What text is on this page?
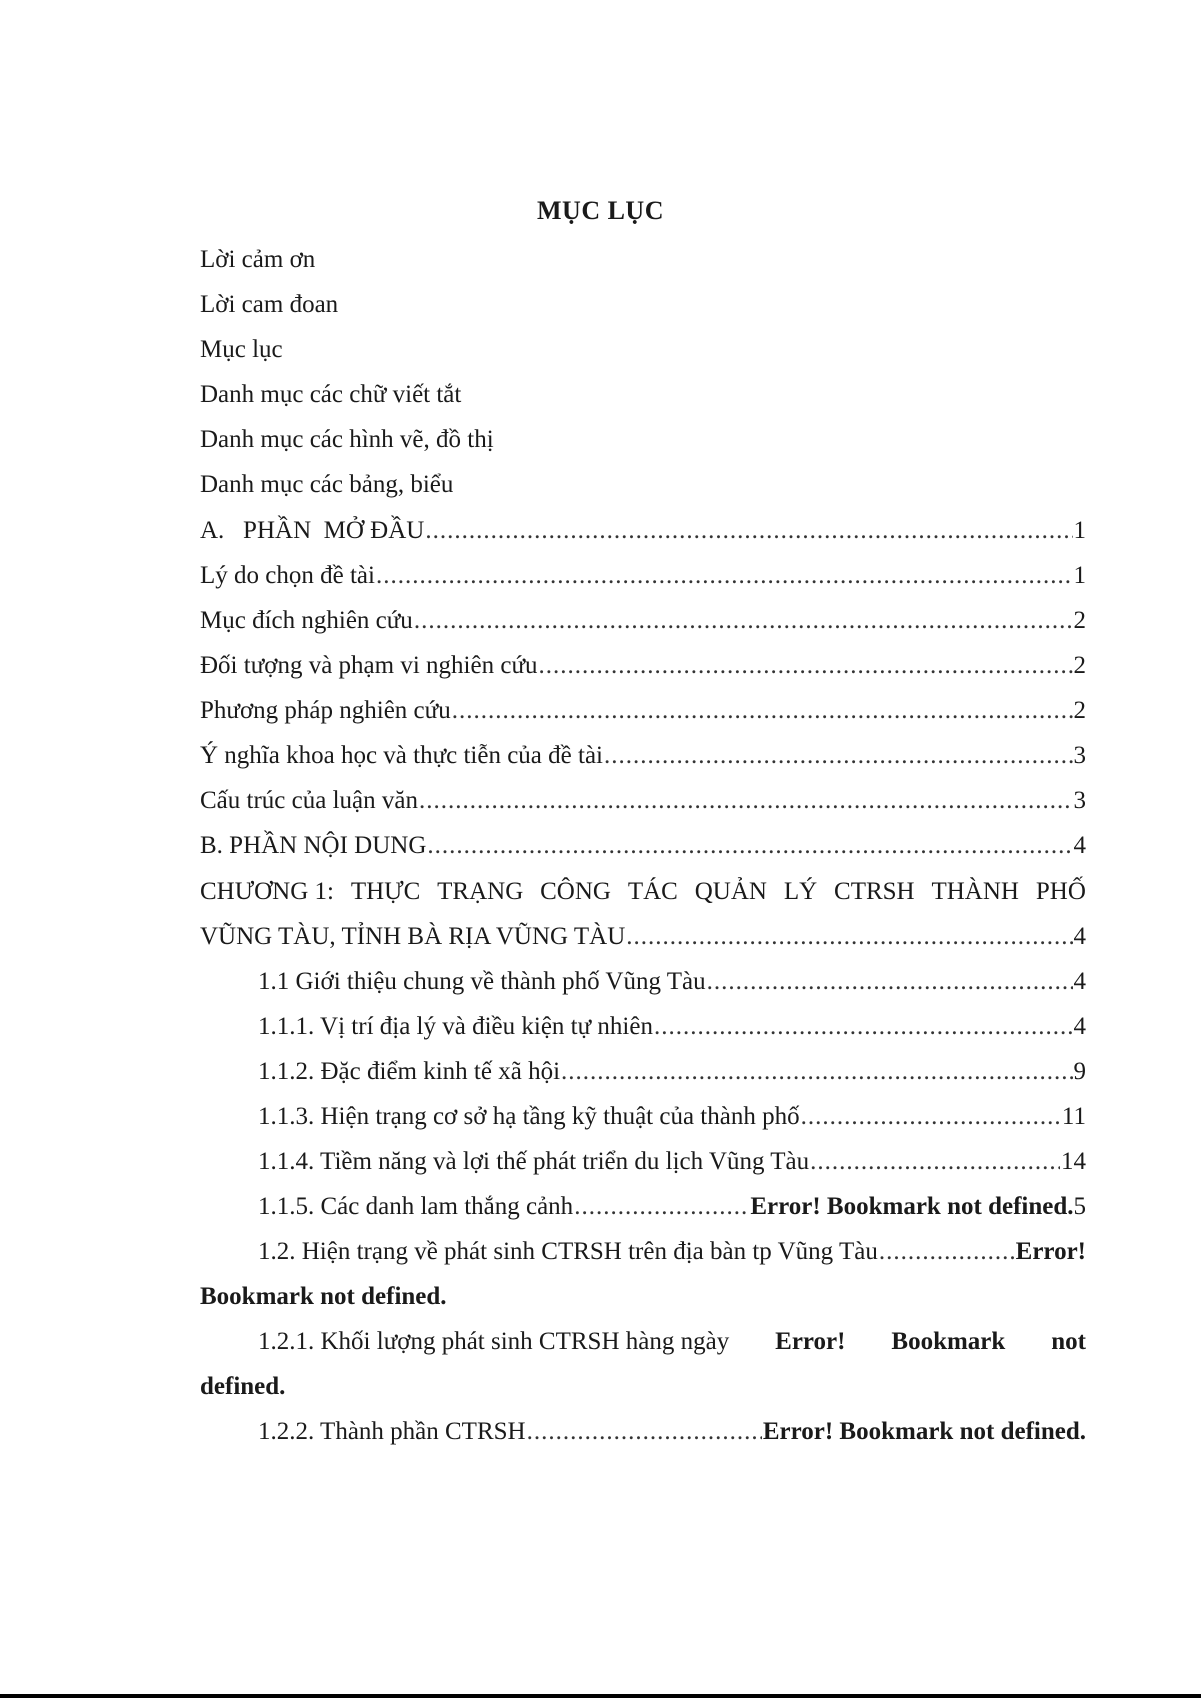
MỤC LỤC
Lời cảm ơn
Lời cam đoan
Mục lục
Danh mục các chữ viết tắt
Danh mục các hình vẽ, đồ thị
Danh mục các bảng, biểu
A.   PHẦN  MỞ ĐẦU .....	1
Lý do chọn đề tài .....	1
Mục đích nghiên cứu .....	2
Đối tượng và phạm vi nghiên cứu .....	2
Phương pháp nghiên cứu .....	2
Ý nghĩa khoa học và thực tiễn của đề tài .....	3
Cấu trúc của luận văn .....	3
B. PHẦN NỘI DUNG .....	4
CHƯƠNG 1: THỰC TRẠNG CÔNG TÁC QUẢN LÝ CTRSH THÀNH PHỐ
VŨNG TÀU, TỈNH BÀ RỊA VŨNG TÀU .....	4
1.1 Giới thiệu chung về thành phố Vũng Tàu .....	4
1.1.1. Vị trí địa lý và điều kiện tự nhiên .....	4
1.1.2. Đặc điểm kinh tế xã hội .....	9
1.1.3. Hiện trạng cơ sở hạ tầng kỹ thuật của thành phố .....	11
1.1.4. Tiềm năng và lợi thế phát triển du lịch Vũng Tàu .....	14
1.1.5. Các danh lam thắng cảnh .....	Error! Bookmark not defined. 5
1.2. Hiện trạng về phát sinh CTRSH trên địa bàn tp Vũng Tàu .....	Error!
Bookmark not defined.
1.2.1. Khối lượng phát sinh CTRSH hàng ngày Error! Bookmark not
defined.
1.2.2. Thành phần CTRSH .....	Error! Bookmark not defined.
